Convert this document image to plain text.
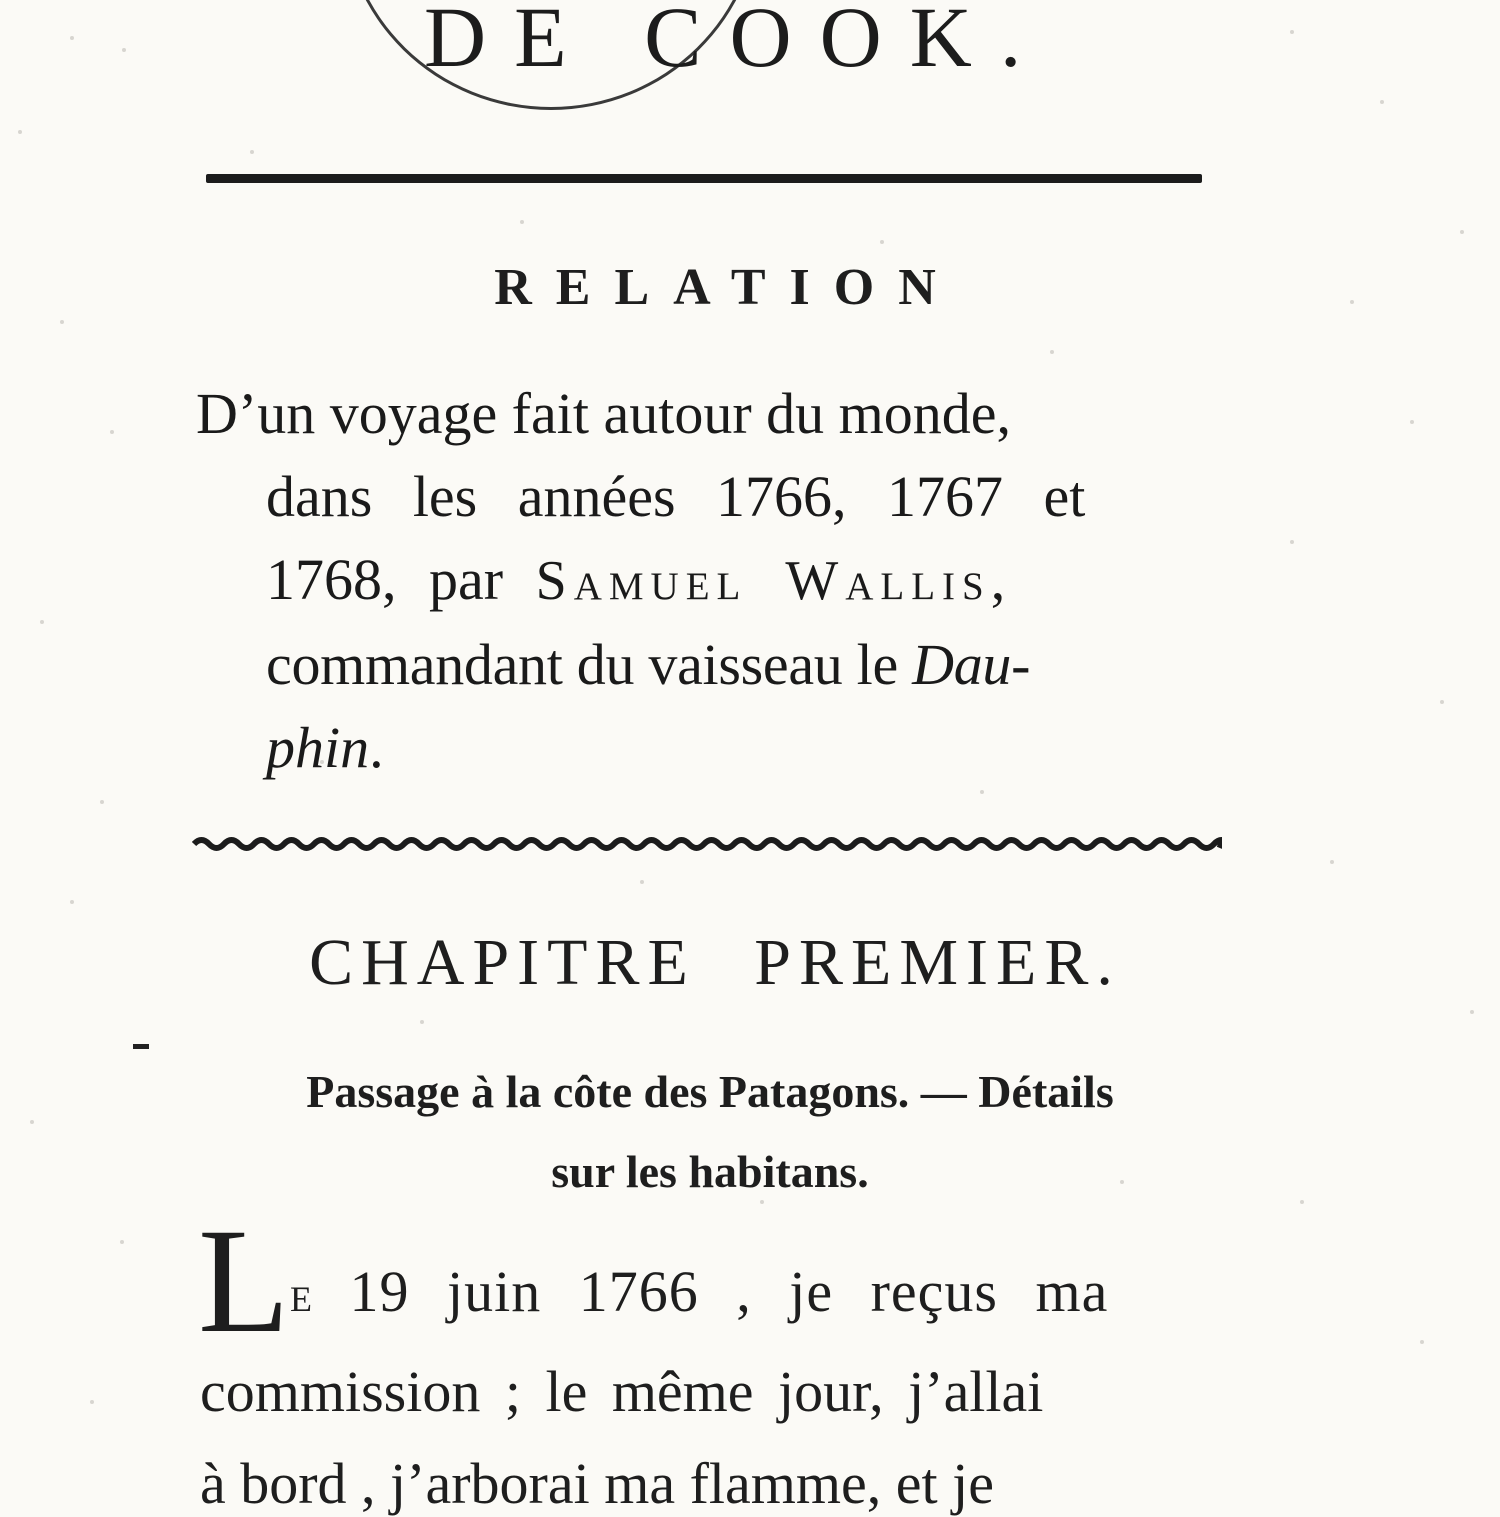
DE COOK.
RELATION
D’un voyage fait autour du monde,
dans les années 1766, 1767 et
1768, par Samuel Wallis,
commandant du vaisseau le Dau-
phin.
CHAPITRE PREMIER.
Passage à la côte des Patagons. — Détails
sur les habitans.
L e 19 juin 1766 , je reçus ma
commission ; le même jour, j’allai
à bord , j’arborai ma flamme, et je
